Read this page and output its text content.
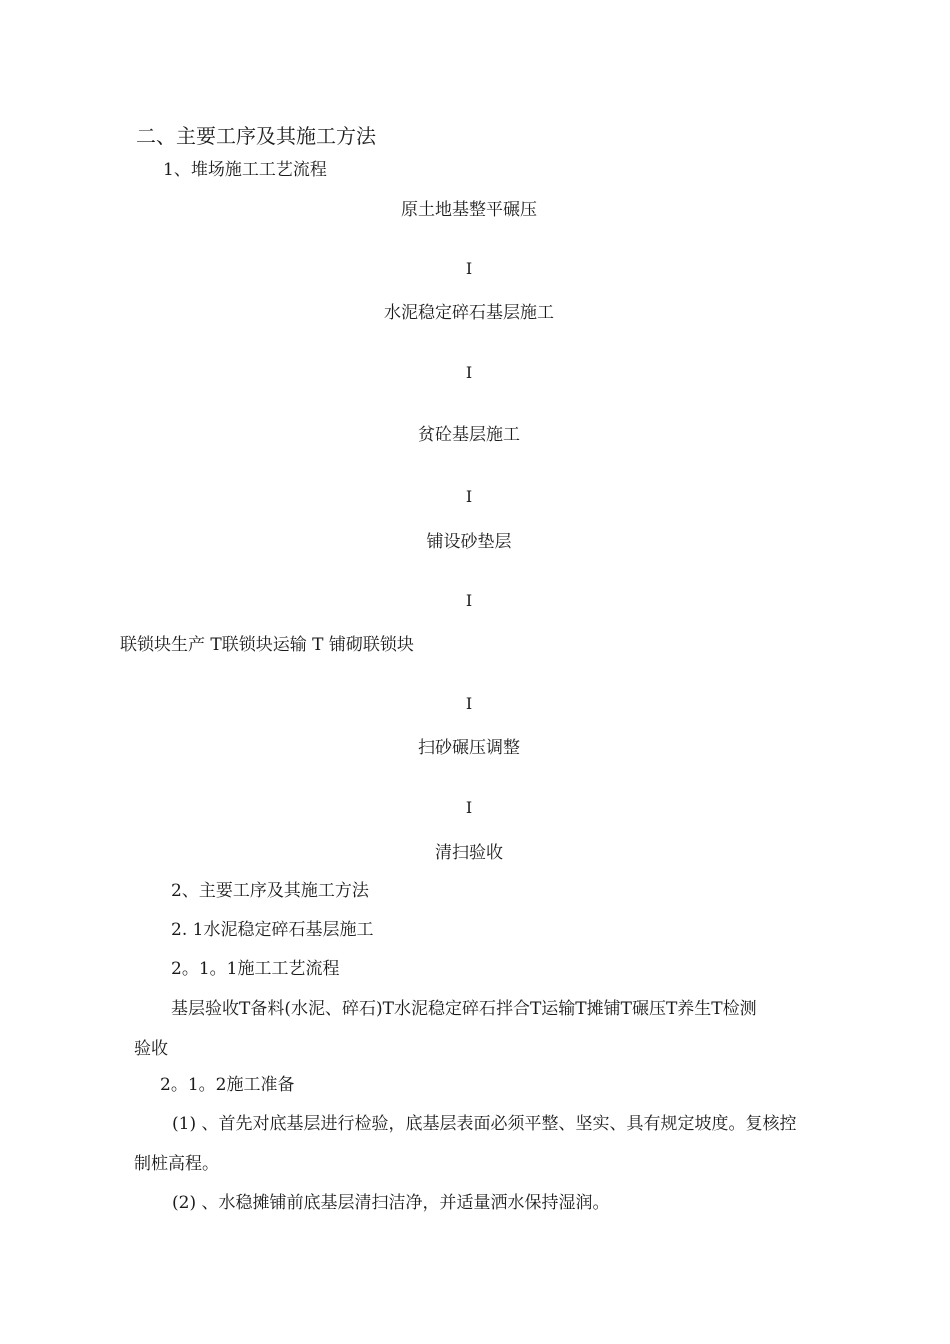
二、主要工序及其施工方法
1、堆场施工工艺流程
原土地基整平碾压
I
水泥稳定碎石基层施工
I
贫砼基层施工
I
铺设砂垫层
I
联锁块生产 T联锁块运输 T 铺砌联锁块
I
扫砂碾压调整
I
清扫验收
2、主要工序及其施工方法
2. 1水泥稳定碎石基层施工
2。1。1施工工艺流程
基层验收T备料(水泥、碎石)T水泥稳定碎石拌合T运输T摊铺T碾压T养生T检测
验收
2。1。2施工准备
(1) 、首先对底基层进行检验，底基层表面必须平整、坚实、具有规定坡度。复核控
制桩高程。
(2) 、水稳摊铺前底基层清扫洁净，并适量洒水保持湿润。
